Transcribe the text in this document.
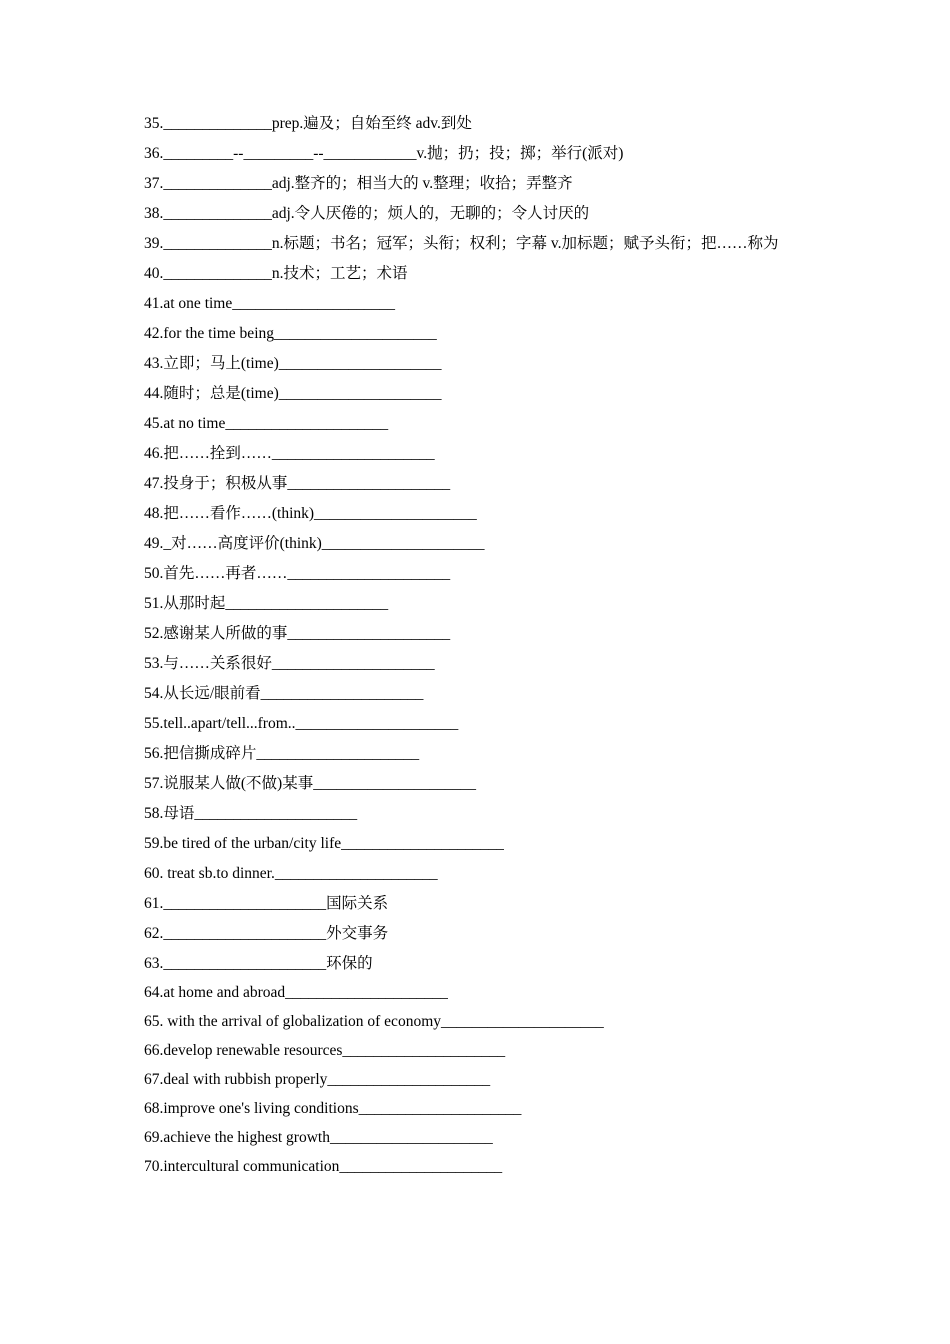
35.______________prep.遍及；自始至终 adv.到处
36._________--_________--____________v.抛；扔；投；掷；举行(派对)
37.______________adj.整齐的；相当大的 v.整理；收拾；弄整齐
38.______________adj.令人厌倦的；烦人的，无聊的；令人讨厌的
39.______________n.标题；书名；冠军；头衔；权利；字幕 v.加标题；赋予头衔；把……称为
40.______________n.技术；工艺；术语
41.at one time_____________________
42.for the time being_____________________
43.立即；马上(time)_____________________
44.随时；总是(time)_____________________
45.at no time_____________________
46.把……拴到……_____________________
47.投身于；积极从事_____________________
48.把……看作……(think)_____________________
49._对……高度评价(think)_____________________
50.首先……再者……_____________________
51.从那时起_____________________
52.感谢某人所做的事_____________________
53.与……关系很好_____________________
54.从长远/眼前看_____________________
55.tell..apart/tell...from.._____________________
56.把信撕成碎片_____________________
57.说服某人做(不做)某事_____________________
58.母语_____________________
59.be tired of the urban/city life_____________________
60. treat sb.to dinner._____________________
61._____________________国际关系
62._____________________外交事务
63._____________________环保的
64.at home and abroad_____________________
65. with the arrival of globalization of economy_____________________
66.develop renewable resources_____________________
67.deal with rubbish properly_____________________
68.improve one's living conditions_____________________
69.achieve the highest growth_____________________
70.intercultural communication_____________________
